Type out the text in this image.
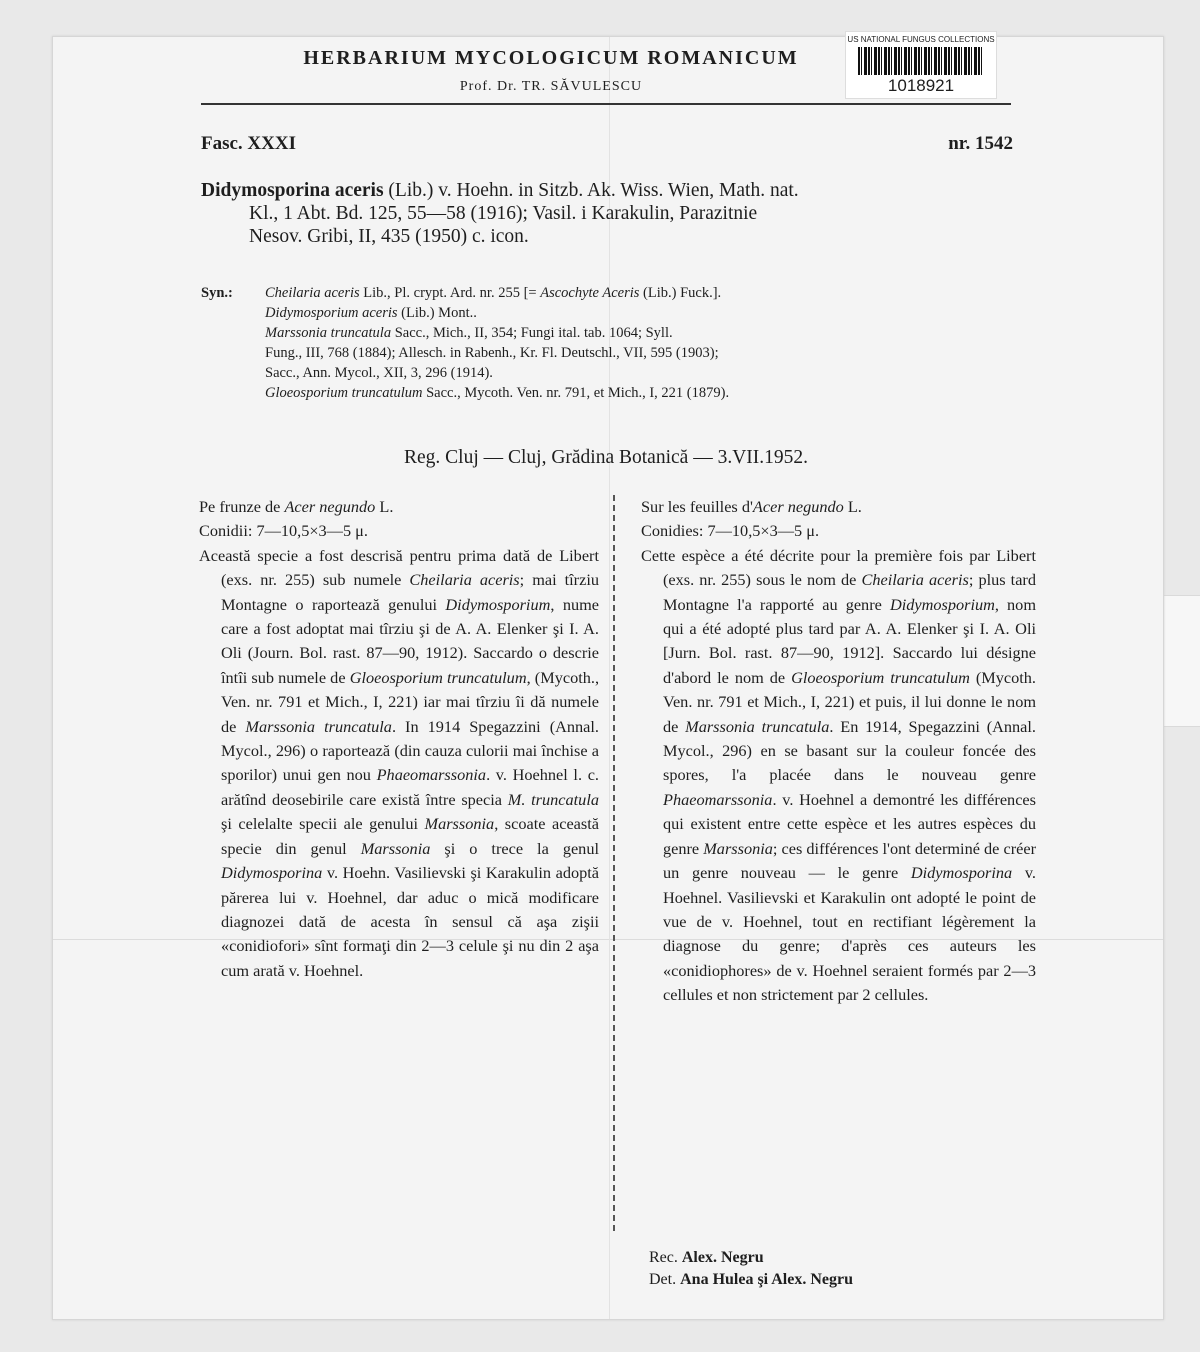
HERBARIUM MYCOLOGICUM ROMANICUM
Prof. Dr. TR. SĂVULESCU
US NATIONAL FUNGUS COLLECTIONS
1018921
Fasc. XXXI	nr. 1542
Didymosporina aceris (Lib.) v. Hoehn. in Sitzb. Ak. Wiss. Wien, Math. nat.
Kl., 1 Abt. Bd. 125, 55—58 (1916); Vasil. i Karakulin, Parazitnie
Nesov. Gribi, II, 435 (1950) c. icon.
Syn.: Cheilaria aceris Lib., Pl. crypt. Ard. nr. 255 [= Ascochyte Aceris (Lib.) Fuck.].
Didymosporium aceris (Lib.) Mont..
Marssonia truncatula Sacc., Mich., II, 354; Fungi ital. tab. 1064; Syll.
Fung., III, 768 (1884); Allesch. in Rabenh., Kr. Fl. Deutschl., VII, 595 (1903);
Sacc., Ann. Mycol., XII, 3, 296 (1914).
Gloeosporium truncatulum Sacc., Mycoth. Ven. nr. 791, et Mich., I, 221 (1879).
Reg. Cluj — Cluj, Grădina Botanică — 3.VII.1952.

Pe frunze de Acer negundo L.

Conidii: 7—10,5×3—5 μ.

Această specie a fost descrisă pentru prima dată de Libert (exs. nr. 255) sub numele Cheilaria aceris; mai tîrziu Montagne o raportează genului Didymosporium, nume care a fost adoptat mai tîrziu şi de A. A. Elenker şi I. A. Oli (Journ. Bol. rast. 87—90, 1912). Saccardo o descrie întîi sub numele de Gloeosporium truncatulum, (Mycoth., Ven. nr. 791 et Mich., I, 221) iar mai tîrziu îi dă numele de Marssonia truncatula. In 1914 Spegazzini (Annal. Mycol., 296) o raportează (din cauza culorii mai închise a sporilor) unui gen nou Phaeomarssonia. v. Hoehnel l. c. arătînd deosebirile care există între specia M. truncatula şi celelalte specii ale genului Marssonia, scoate această specie din genul Marssonia şi o trece la genul Didymosporina v. Hoehn. Vasilievski şi Karakulin adoptă părerea lui v. Hoehnel, dar aduc o mică modificare diagnozei dată de acesta în sensul că aşa zişii «conidiofori» sînt formaţi din 2—3 celule şi nu din 2 aşa cum arată v. Hoehnel.

Sur les feuilles d'Acer negundo L.

Conidies: 7—10,5×3—5 μ.

Cette espèce a été décrite pour la première fois par Libert (exs. nr. 255) sous le nom de Cheilaria aceris; plus tard Montagne l'a rapporté au genre Didymosporium, nom qui a été adopté plus tard par A. A. Elenker şi I. A. Oli [Jurn. Bol. rast. 87—90, 1912]. Saccardo lui désigne d'abord le nom de Gloeosporium truncatulum (Mycoth. Ven. nr. 791 et Mich., I, 221) et puis, il lui donne le nom de Marssonia truncatula. En 1914, Spegazzini (Annal. Mycol., 296) en se basant sur la couleur foncée des spores, l'a placée dans le nouveau genre Phaeomarssonia. v. Hoehnel a demontré les différences qui existent entre cette espèce et les autres espèces du genre Marssonia; ces différences l'ont determiné de créer un genre nouveau — le genre Didymosporina v. Hoehnel. Vasilievski et Karakulin ont adopté le point de vue de v. Hoehnel, tout en rectifiant légèrement la diagnose du genre; d'après ces auteurs les «conidiophores» de v. Hoehnel seraient formés par 2—3 cellules et non strictement par 2 cellules.

Rec. Alex. Negru
Det. Ana Hulea şi Alex. Negru
